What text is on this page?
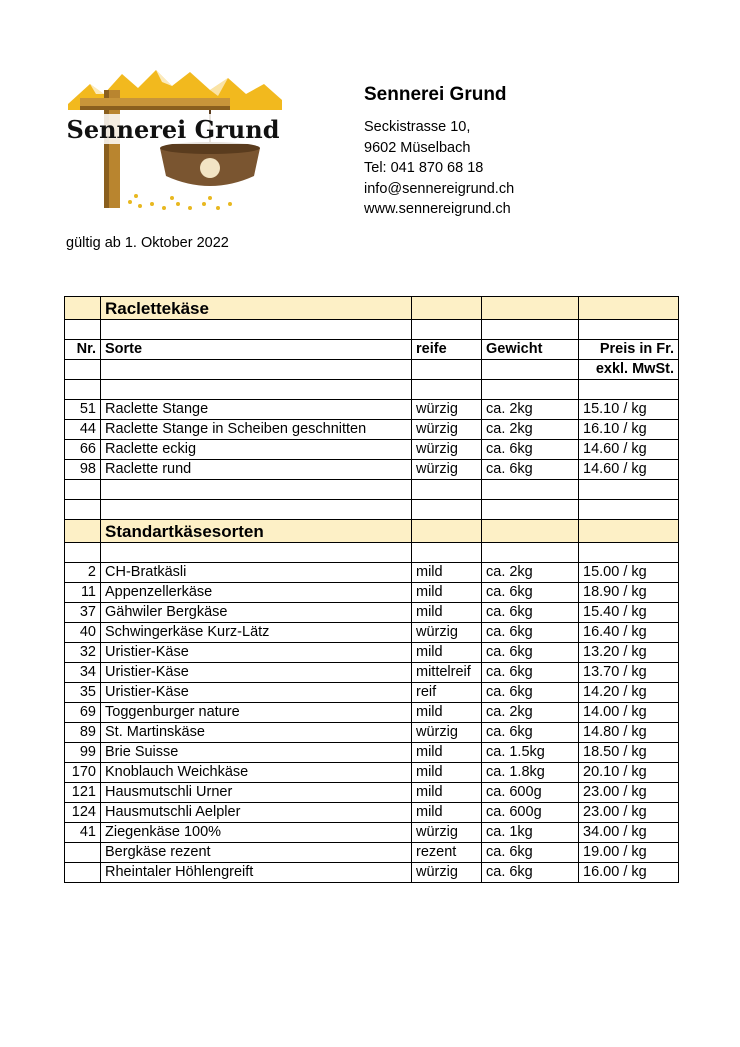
Sennerei Grund
Sennerei Grund
Seckistrasse 10,
9602 Müselbach
Tel: 041 870 68 18
info@sennereigrund.ch
www.sennereigrund.ch
gültig ab 1. Oktober 2022
	Raclettekäse			

Nr.	Sorte	reife	Gewicht	Preis in Fr.
				exkl. MwSt.

51	Raclette Stange	würzig	ca. 2kg	15.10 / kg
44	Raclette Stange in Scheiben geschnitten	würzig	ca. 2kg	16.10 / kg
66	Raclette eckig	würzig	ca. 6kg	14.60 / kg
98	Raclette rund	würzig	ca. 6kg	14.60 / kg

	Standartkäsesorten			

2	CH-Bratkäsli	mild	ca. 2kg	15.00 / kg
11	Appenzellerkäse	mild	ca. 6kg	18.90 / kg
37	Gähwiler Bergkäse	mild	ca. 6kg	15.40 / kg
40	Schwingerkäse Kurz-Lätz	würzig	ca. 6kg	16.40 / kg
32	Uristier-Käse	mild	ca. 6kg	13.20 / kg
34	Uristier-Käse	mittelreif	ca. 6kg	13.70 / kg
35	Uristier-Käse	reif	ca. 6kg	14.20 / kg
69	Toggenburger nature	mild	ca. 2kg	14.00 / kg
89	St. Martinskäse	würzig	ca. 6kg	14.80 / kg
99	Brie Suisse	mild	ca. 1.5kg	18.50 / kg
170	Knoblauch Weichkäse	mild	ca. 1.8kg	20.10 / kg
121	Hausmutschli Urner	mild	ca. 600g	23.00 / kg
124	Hausmutschli Aelpler	mild	ca. 600g	23.00 / kg
41	Ziegenkäse 100%	würzig	ca. 1kg	34.00 / kg
	Bergkäse rezent	rezent	ca. 6kg	19.00 / kg
	Rheintaler Höhlengreift	würzig	ca. 6kg	16.00 / kg
